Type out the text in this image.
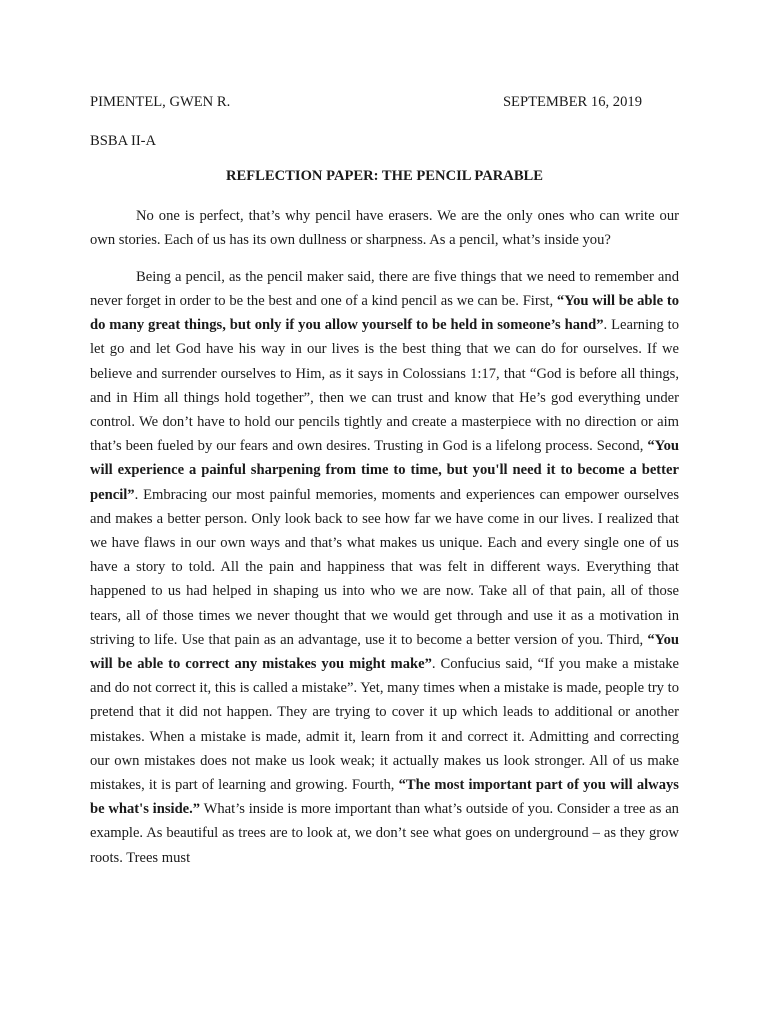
PIMENTEL, GWEN R.	SEPTEMBER 16, 2019
BSBA II-A
REFLECTION PAPER: THE PENCIL PARABLE

No one is perfect, that’s why pencil have erasers. We are the only ones who can write our own stories. Each of us has its own dullness or sharpness. As a pencil, what’s inside you?

Being a pencil, as the pencil maker said, there are five things that we need to remember and never forget in order to be the best and one of a kind pencil as we can be. First, “You will be able to do many great things, but only if you allow yourself to be held in someone’s hand”. Learning to let go and let God have his way in our lives is the best thing that we can do for ourselves. If we believe and surrender ourselves to Him, as it says in Colossians 1:17, that “God is before all things, and in Him all things hold together”, then we can trust and know that He’s god everything under control. We don’t have to hold our pencils tightly and create a masterpiece with no direction or aim that’s been fueled by our fears and own desires. Trusting in God is a lifelong process. Second, “You will experience a painful sharpening from time to time, but you'll need it to become a better pencil”. Embracing our most painful memories, moments and experiences can empower ourselves and makes a better person. Only look back to see how far we have come in our lives. I realized that we have flaws in our own ways and that’s what makes us unique. Each and every single one of us have a story to told. All the pain and happiness that was felt in different ways. Everything that happened to us had helped in shaping us into who we are now. Take all of that pain, all of those tears, all of those times we never thought that we would get through and use it as a motivation in striving to life. Use that pain as an advantage, use it to become a better version of you. Third, “You will be able to correct any mistakes you might make”. Confucius said, “If you make a mistake and do not correct it, this is called a mistake”. Yet, many times when a mistake is made, people try to pretend that it did not happen. They are trying to cover it up which leads to additional or another mistakes. When a mistake is made, admit it, learn from it and correct it. Admitting and correcting our own mistakes does not make us look weak; it actually makes us look stronger. All of us make mistakes, it is part of learning and growing. Fourth, “The most important part of you will always be what's inside.” What’s inside is more important than what’s outside of you. Consider a tree as an example. As beautiful as trees are to look at, we don’t see what goes on underground – as they grow roots. Trees must
